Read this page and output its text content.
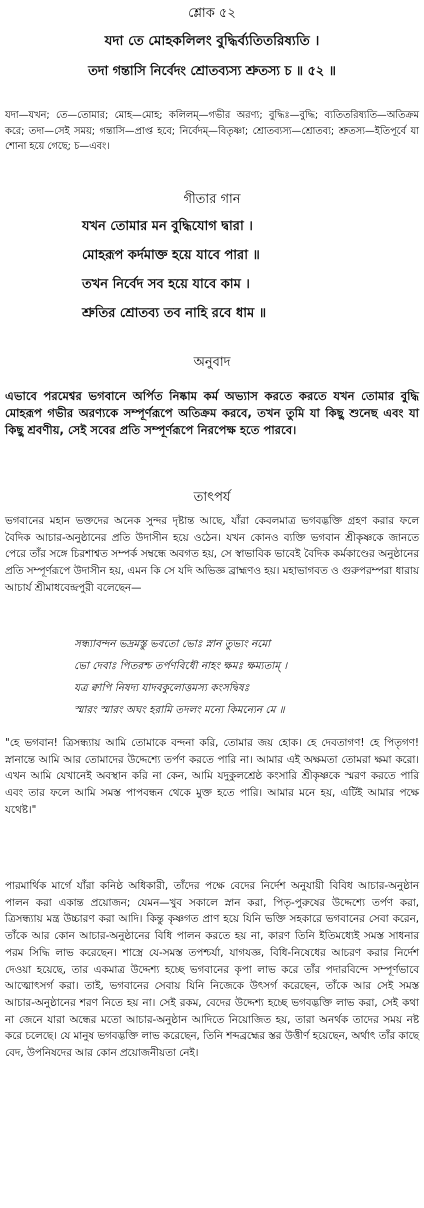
শ্লোক ৫২
যদা তে মোহকলিলং বুদ্ধির্ব্যতিতরিষ্যতি ।
তদা গন্তাসি নির্বেদং শ্রোতব্যস্য শ্রুতস্য চ ॥ ৫২ ॥
যদা—যখন; তে—তোমার; মোহ—মোহ; কলিলম্—গভীর অরণ্য; বুদ্ধিঃ—বুদ্ধি; ব্যতিতরিষ্যতি—অতিক্রম করে; তদা—সেই সময়; গন্তাসি—প্রাপ্ত হবে; নির্বেদম্—বিতৃষ্ণা; শ্রোতব্যস্য—শ্রোতব্য; শ্রুতস্য—ইতিপূর্বে যা শোনা হয়ে গেছে; চ—এবং।
গীতার গান
যখন তোমার মন বুদ্ধিযোগ দ্বারা ।
মোহরূপ কর্দমাক্ত হয়ে যাবে পারা ॥
তখন নির্বেদ সব হয়ে যাবে কাম ।
শ্রুতির শ্রোতব্য তব নাহি রবে ধাম ॥
অনুবাদ
এভাবে পরমেশ্বর ভগবানে অর্পিত নিষ্কাম কর্ম অভ্যাস করতে করতে যখন তোমার বুদ্ধি মোহরূপ গভীর অরণ্যকে সম্পূর্ণরূপে অতিক্রম করবে, তখন তুমি যা কিছু শুনেছ এবং যা কিছু শ্রবণীয়, সেই সবের প্রতি সম্পূর্ণরূপে নিরপেক্ষ হতে পারবে।
তাৎপর্য
ভগবানের মহান ভক্তদের অনেক সুন্দর দৃষ্টান্ত আছে, যাঁরা কেবলমাত্র ভগবদ্ভক্তি গ্রহণ করার ফলে বৈদিক আচার-অনুষ্ঠানের প্রতি উদাসীন হয়ে ওঠেন। যখন কোনও ব্যক্তি ভগবান শ্রীকৃষ্ণকে জানতে পেরে তাঁর সঙ্গে চিরশাশ্বত সম্পর্ক সম্বন্ধে অবগত হয়, সে স্বাভাবিক ভাবেই বৈদিক কর্মকাণ্ডের অনুষ্ঠানের প্রতি সম্পূর্ণরূপে উদাসীন হয়, এমন কি সে যদি অভিজ্ঞ ব্রাহ্মণও হয়। মহাভাগবত ও গুরুপরম্পরা ধারায় আচার্য শ্রীমাধবেন্দ্রপুরী বলেছেন—
সন্ধ্যাবন্দন ভদ্রমস্তু ভবতো ভোঃ স্নান তুভ্যং নমো
ভো দেবাঃ পিতরশ্চ তর্পণবিধৌ নাহং ক্ষমঃ ক্ষম্যতাম্ ।
যত্র ক্বাপি নিষদ্য যাদবকুলোত্তমস্য কংসদ্বিষঃ
স্মারং স্মারং অঘং হরামি তদলং মন্যে কিমন্যেন মে ॥
"হে ভগবান! ত্রিসন্ধ্যায় আমি তোমাকে বন্দনা করি, তোমার জয় হোক। হে দেবতাগণ! হে পিতৃগণ! স্নানান্তে আমি আর তোমাদের উদ্দেশ্যে তর্পণ করতে পারি না। আমার এই অক্ষমতা তোমরা ক্ষমা করো। এখন আমি যেখানেই অবস্থান করি না কেন, আমি যদুকুলশ্রেষ্ঠ কংসারি শ্রীকৃষ্ণকে স্মরণ করতে পারি এবং তার ফলে আমি সমস্ত পাপবন্ধন থেকে মুক্ত হতে পারি। আমার মনে হয়, এটিই আমার পক্ষে যথেষ্ট।"
পারমার্থিক মার্গে যাঁরা কনিষ্ঠ অধিকারী, তাঁদের পক্ষে বেদের নির্দেশ অনুযায়ী বিবিধ আচার-অনুষ্ঠান পালন করা একান্ত প্রয়োজন; যেমন—খুব সকালে স্নান করা, পিতৃ-পুরুষের উদ্দেশ্যে তর্পণ করা, ত্রিসন্ধ্যায় মন্ত্র উচ্চারণ করা আদি। কিন্তু কৃষ্ণগত প্রাণ হয়ে যিনি ভক্তি সহকারে ভগবানের সেবা করেন, তাঁকে আর কোন আচার-অনুষ্ঠানের বিধি পালন করতে হয় না, কারণ তিনি ইতিমধ্যেই সমস্ত সাধনার পরম সিদ্ধি লাভ করেছেন। শাস্ত্রে যে-সমস্ত তপশ্চর্যা, যাগযজ্ঞ, বিধি-নিষেধের আচরণ করার নির্দেশ দেওয়া হয়েছে, তার একমাত্র উদ্দেশ্য হচ্ছে ভগবানের কৃপা লাভ করে তাঁর পদারবিন্দে সম্পূর্ণভাবে আত্মোৎসর্গ করা। তাই, ভগবানের সেবায় যিনি নিজেকে উৎসর্গ করেছেন, তাঁকে আর সেই সমস্ত আচার-অনুষ্ঠানের শরণ নিতে হয় না। সেই রকম, বেদের উদ্দেশ্য হচ্ছে ভগবদ্ভক্তি লাভ করা, সেই কথা না জেনে যারা অন্ধের মতো আচার-অনুষ্ঠান আদিতে নিয়োজিত হয়, তারা অনর্থক তাদের সময় নষ্ট করে চলেছে। যে মানুষ ভগবদ্ভক্তি লাভ করেছেন, তিনি শব্দব্রহ্মের স্তর উত্তীর্ণ হয়েছেন, অর্থাৎ তাঁর কাছে বেদ, উপনিষদের আর কোন প্রয়োজনীয়তা নেই।
